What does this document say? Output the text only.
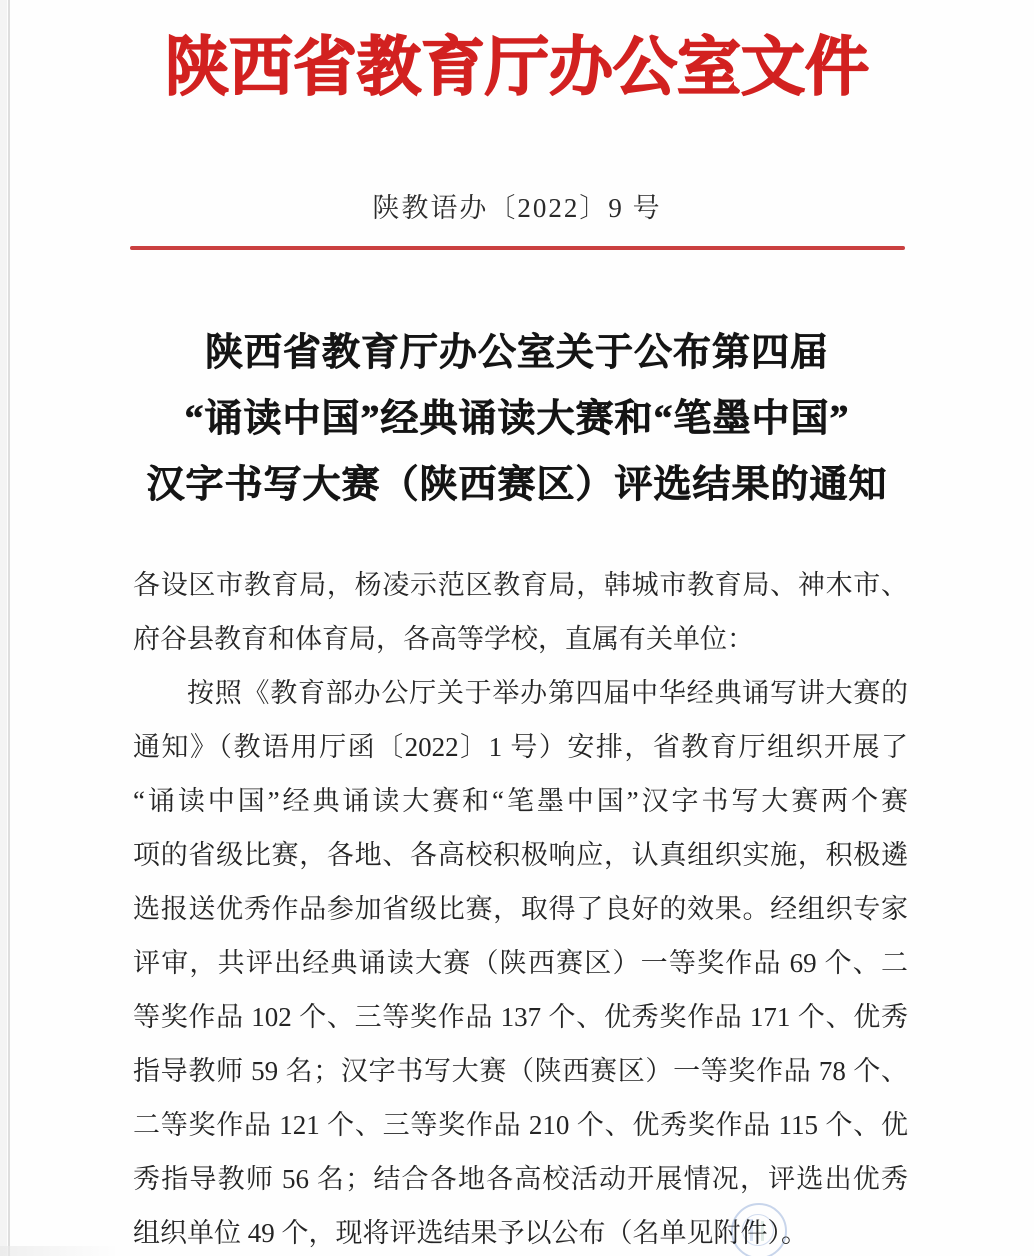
陕西省教育厅办公室文件
陕教语办〔2022〕9 号
陕西省教育厅办公室关于公布第四届
“诵读中国”经典诵读大赛和“笔墨中国”
汉字书写大赛（陕西赛区）评选结果的通知
各设区市教育局，杨凌示范区教育局，韩城市教育局、神木市、
府谷县教育和体育局，各高等学校，直属有关单位：
按照《教育部办公厅关于举办第四届中华经典诵写讲大赛的
通知》（教语用厅函〔2022〕1 号）安排，省教育厅组织开展了
“诵读中国”经典诵读大赛和“笔墨中国”汉字书写大赛两个赛
项的省级比赛，各地、各高校积极响应，认真组织实施，积极遴
选报送优秀作品参加省级比赛，取得了良好的效果。经组织专家
评审，共评出经典诵读大赛（陕西赛区）一等奖作品 69 个、二
等奖作品 102 个、三等奖作品 137 个、优秀奖作品 171 个、优秀
指导教师 59 名；汉字书写大赛（陕西赛区）一等奖作品 78 个、
二等奖作品 121 个、三等奖作品 210 个、优秀奖作品 115 个、优
秀指导教师 56 名；结合各地各高校活动开展情况，评选出优秀
组织单位 49 个，现将评选结果予以公布（名单见附件）。
